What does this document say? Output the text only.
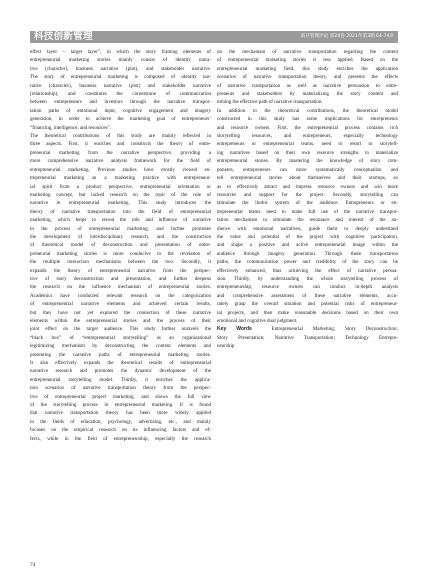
科技创新管理	南开管理评论 第24卷 2021年第3期 64-74页
effect layer – target layer”, in which the story framing elements of
entrepreneurial marketing stories mainly consist of identity narra-
tive (character), business narrative (plot), and stakeholder narrative.
The story of entrepreneurial marketing is composed of identity nar-
rative (character), business narrative (plot) and stakeholder narrative
(relationship), and constitutes the cornerstone of communication
between entrepreneurs and investors through the narrative transpor-
tation paths of emotional input, cognitive engagement and imagery
generation, in order to achieve the marketing goal of entrepreneurs’
“financing, intelligence, and resources”.
The theoretical contributions of this study are mainly reflected in
three aspects. First, it enriches and constructs the theory of entre-
preneurial marketing from the narrative perspective, providing a
more comprehensive narrative analysis framework for the field of
entrepreneurial marketing. Previous studies have mostly viewed en-
trepreneurial marketing as a marketing practice with entrepreneur-
ial spirit from a product perspective, entrepreneurial orientation or
marketing concept, but lacked research on the topic of the role of
narrative in entrepreneurial marketing. This study introduces the
theory of narrative transportation into the field of entrepreneurial
marketing, which helps to reveal the role and influence of narrative
in the process of entrepreneurial marketing, and further promotes
the development of interdisciplinary research, and the construction
of theoretical model of deconstruction and presentation of entre-
preneurial marketing stories is more conducive to the revelation of
the multiple interaction mechanisms between the two. Secondly, it
expands the theory of entrepreneurial narrative from the perspec-
tive of story deconstruction and presentation, and further deepens
the research on the influence mechanism of entrepreneurial stories.
Academics have conducted relevant research on the categorization
of entrepreneurial narrative elements and achieved certain results,
but they have not yet explored the connection of these narrative
elements within the entrepreneurial stories and the process of their
joint effect on the target audience. This study further unravels the
“black box” of “entrepreneurial storytelling” as an organizational
legitimizing mechanism by deconstructing the content elements and
presenting the narrative paths of entrepreneurial marketing stories.
It also effectively expands the theoretical results of entrepreneurial
narrative research and promotes the dynamic development of the
entrepreneurial storytelling model. Thirdly, it enriches the applica-
tion scenarios of narrative transportation theory from the perspec-
tive of entrepreneurial project marketing, and shows the full view
of the storytelling process in entrepreneurial marketing. It is found
that narrative transportation theory has been more widely applied
in the fields of education, psychology, advertising, etc., and mainly
focuses on the empirical research on its influencing factors and ef-
fects, while in the field of entrepreneurship, especially the research
on the mechanism of narrative transportation regarding the content
of entrepreneurial marketing stories is less applied. Based on the
entrepreneurial marketing field, this study enriches the application
scenarios of narrative transportation theory, and presents the effects
of narrative transportation as well as narrative persuasion to entre-
preneurs and stakeholders by materializing the story content and
mining the effective path of narrative transportation.
In addition to the theoretical contributions, the theoretical model
constructed in this study has some implications for entrepreneurs
and resource owners. First, the entrepreneurial process contains rich
storytelling resources, and entrepreneurs, especially technology
entrepreneurs or entrepreneurial teams, need to resort to storytell-
ing narratives based on their own resource strengths to materialize
entrepreneurial stories. By mastering the knowledge of story com-
ponents, entrepreneurs can more systematically conceptualize and
tell entrepreneurial stories about themselves and their startups, so
as to effectively attract and impress resource owners and win more
resources and support for the project. Secondly, storytelling can
stimulate the limbic system of the audience. Entrepreneurs or en-
trepreneurial teams need to make full use of the narrative transpor-
tation mechanism to stimulate the resonance and interest of the au-
dience with emotional narratives, guide them to deeply understand
the value and potential of the project with cognitive participation,
and shape a positive and active entrepreneurial image within the
audience through imagery generation. Through these transportation
paths, the communication power and credibility of the story can be
effectively enhanced, thus achieving the effect of narrative persua-
sion. Thirdly, by understanding the whole storytelling process of
entrepreneurship, resource owners can conduct in-depth analysis
and comprehensive assessment of these narrative elements, accu-
rately grasp the overall situation and potential risks of entrepreneur-
ial projects, and then make reasonable decisions based on their own
emotional and cognitive dual judgment.
Key Words	Entrepreneurial Marketing; Story Deconstruction;
Story Presentation; Narrative Transportation; Technology Entrepre-
neurship
74
